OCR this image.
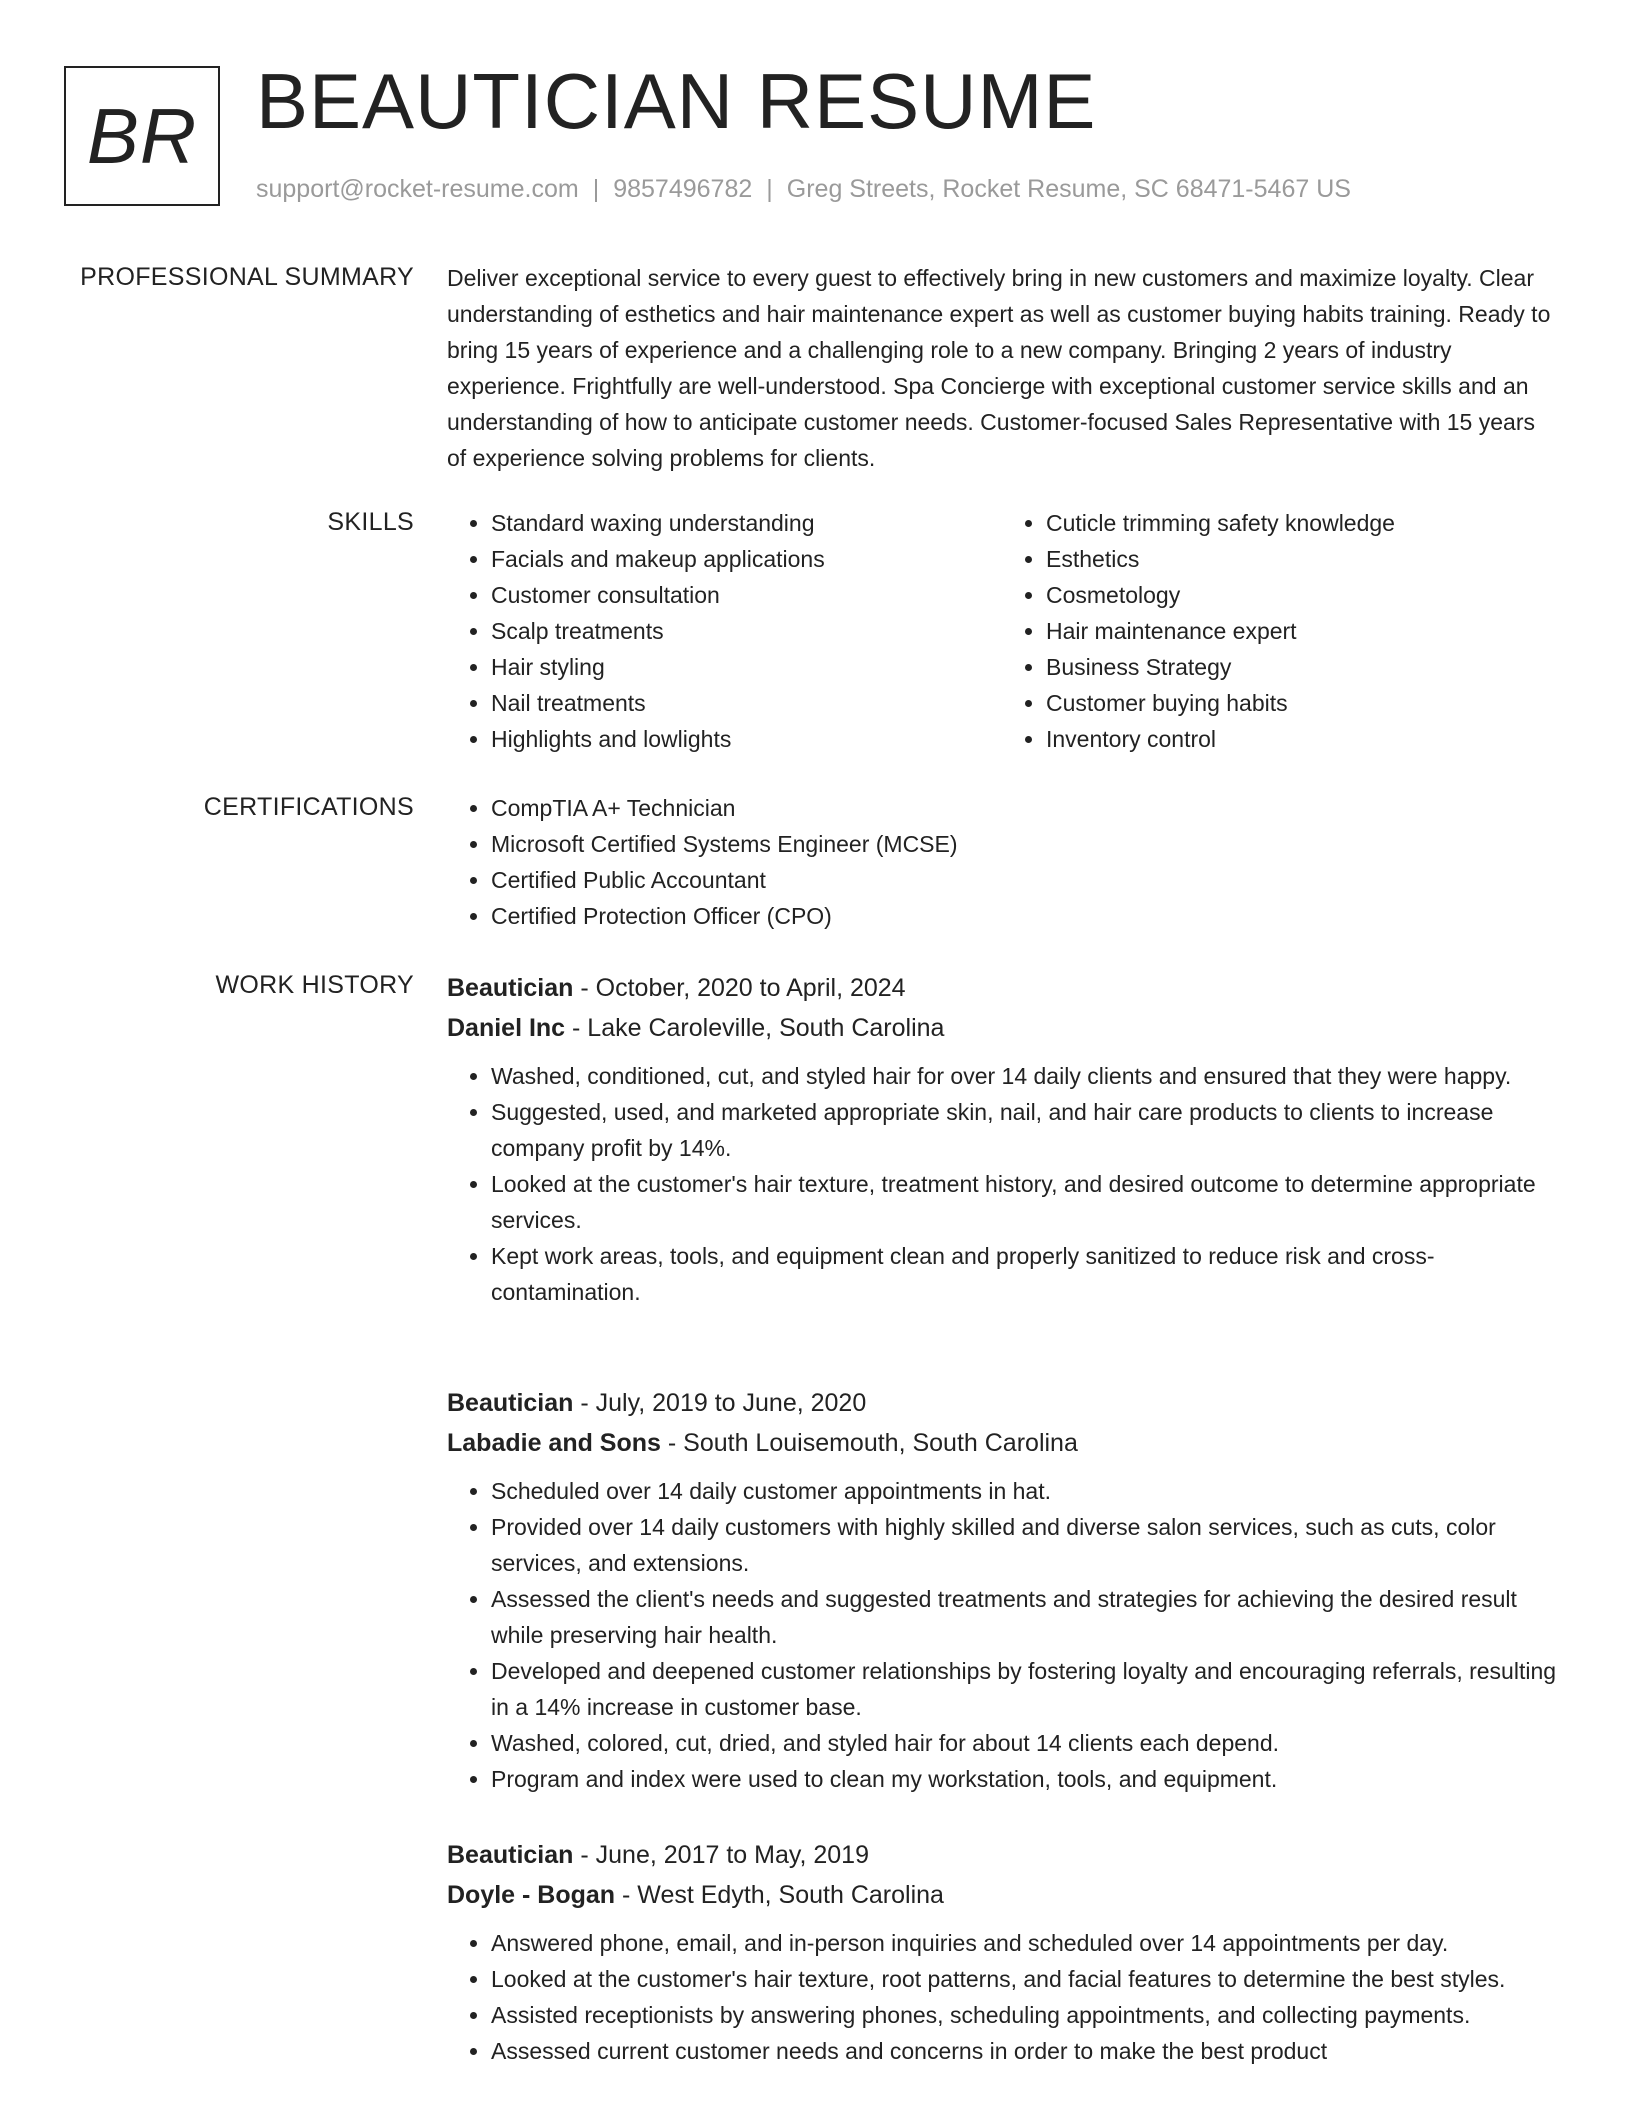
BR BEAUTICIAN RESUME
support@rocket-resume.com | 9857496782 | Greg Streets, Rocket Resume, SC 68471-5467 US
PROFESSIONAL SUMMARY Deliver exceptional service to every guest to effectively bring in new customers and maximize loyalty. Clear understanding of esthetics and hair maintenance expert as well as customer buying habits training. Ready to bring 15 years of experience and a challenging role to a new company. Bringing 2 years of industry experience. Frightfully are well-understood. Spa Concierge with exceptional customer service skills and an understanding of how to anticipate customer needs. Customer-focused Sales Representative with 15 years of experience solving problems for clients.

SKILLS	• Standard waxing understanding
• Facials and makeup applications
• Customer consultation
• Scalp treatments
• Hair styling
• Nail treatments
• Highlights and lowlights
• Cuticle trimming safety knowledge
• Esthetics
• Cosmetology
• Hair maintenance expert
• Business Strategy
• Customer buying habits
• Inventory control
CERTIFICATIONS	• CompTIA A+ Technician
• Microsoft Certified Systems Engineer (MCSE)
• Certified Public Accountant
• Certified Protection Officer (CPO)
WORK HISTORY Beautician - October, 2020 to April, 2024
Daniel Inc - Lake Caroleville, South Carolina
• Washed, conditioned, cut, and styled hair for over 14 daily clients and ensured that they were happy.
• Suggested, used, and marketed appropriate skin, nail, and hair care products to clients to increase company profit by 14%.
• Looked at the customer's hair texture, treatment history, and desired outcome to determine appropriate services.
• Kept work areas, tools, and equipment clean and properly sanitized to reduce risk and cross-contamination.
Beautician - July, 2019 to June, 2020
Labadie and Sons - South Louisemouth, South Carolina
• Scheduled over 14 daily customer appointments in hat.
• Provided over 14 daily customers with highly skilled and diverse salon services, such as cuts, color services, and extensions.
• Assessed the client's needs and suggested treatments and strategies for achieving the desired result while preserving hair health.
• Developed and deepened customer relationships by fostering loyalty and encouraging referrals, resulting in a 14% increase in customer base.
• Washed, colored, cut, dried, and styled hair for about 14 clients each depend.
• Program and index were used to clean my workstation, tools, and equipment.
Beautician - June, 2017 to May, 2019
Doyle - Bogan - West Edyth, South Carolina
• Answered phone, email, and in-person inquiries and scheduled over 14 appointments per day.
• Looked at the customer's hair texture, root patterns, and facial features to determine the best styles.
• Assisted receptionists by answering phones, scheduling appointments, and collecting payments.
• Assessed current customer needs and concerns in order to make the best product
